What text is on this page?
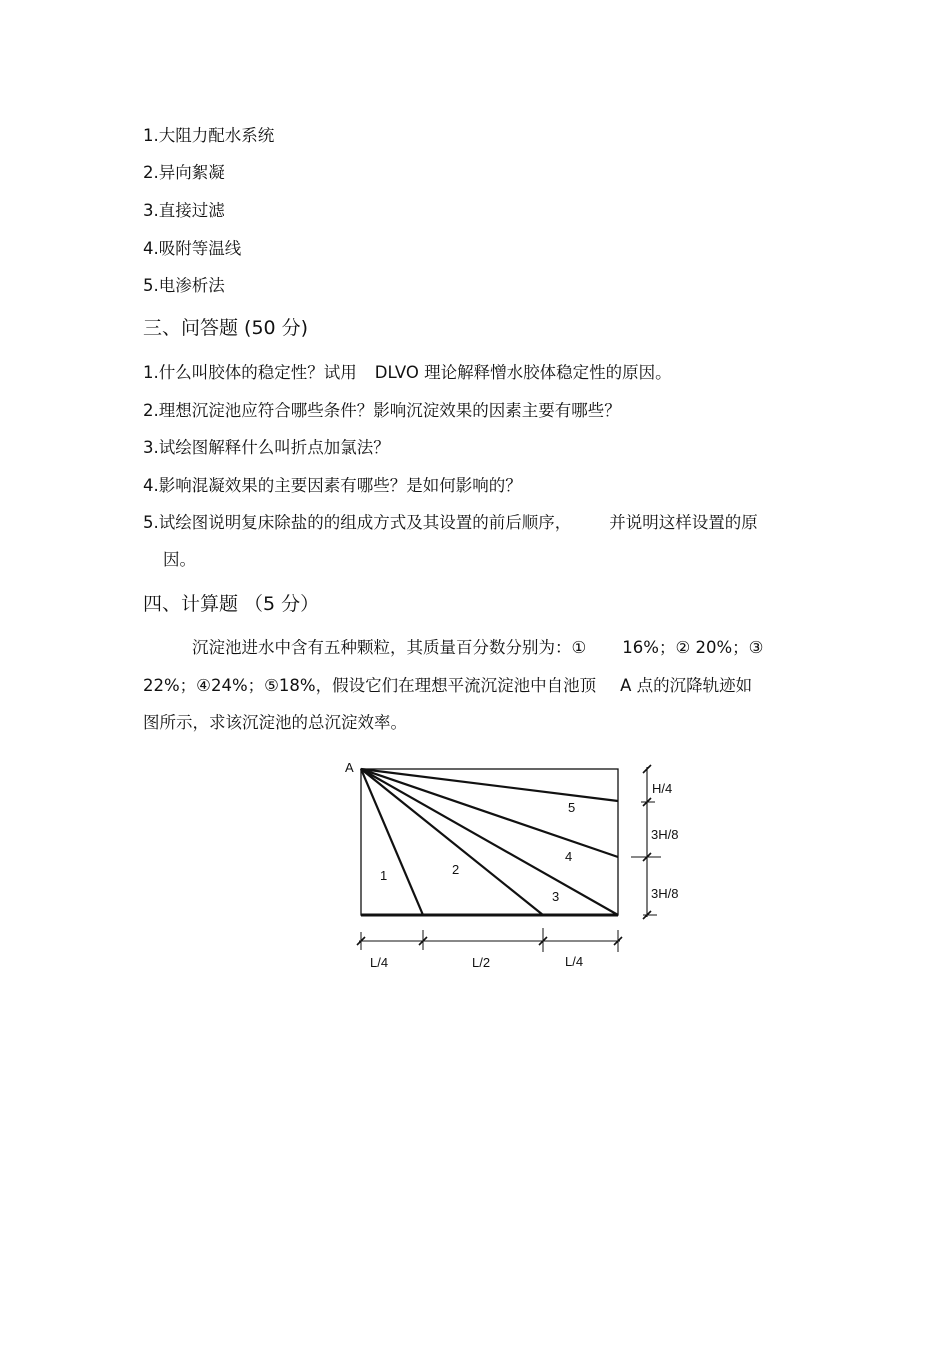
1.大阻力配水系统

2.异向絮凝

3.直接过滤

4.吸附等温线

5.电渗析法

三、问答题 (50 分)

1.什么叫胶体的稳定性？试用 DLVO 理论解释憎水胶体稳定性的原因。

2.理想沉淀池应符合哪些条件？影响沉淀效果的因素主要有哪些？

3.试绘图解释什么叫折点加氯法？

4.影响混凝效果的主要因素有哪些？是如何影响的？

5.试绘图说明复床除盐的的组成方式及其设置的前后顺序， 并说明这样设置的原

因。

四、计算题 （5 分）

沉淀池进水中含有五种颗粒，其质量百分数分别为：① 16%；② 20%；③

22%；④24%；⑤18%，假设它们在理想平流沉淀池中自池顶 A 点的沉降轨迹如

图所示，求该沉淀池的总沉淀效率。

A
1	2
3
4
5
H/4
3H/8
3H/8
L/4	L/2	L/4
